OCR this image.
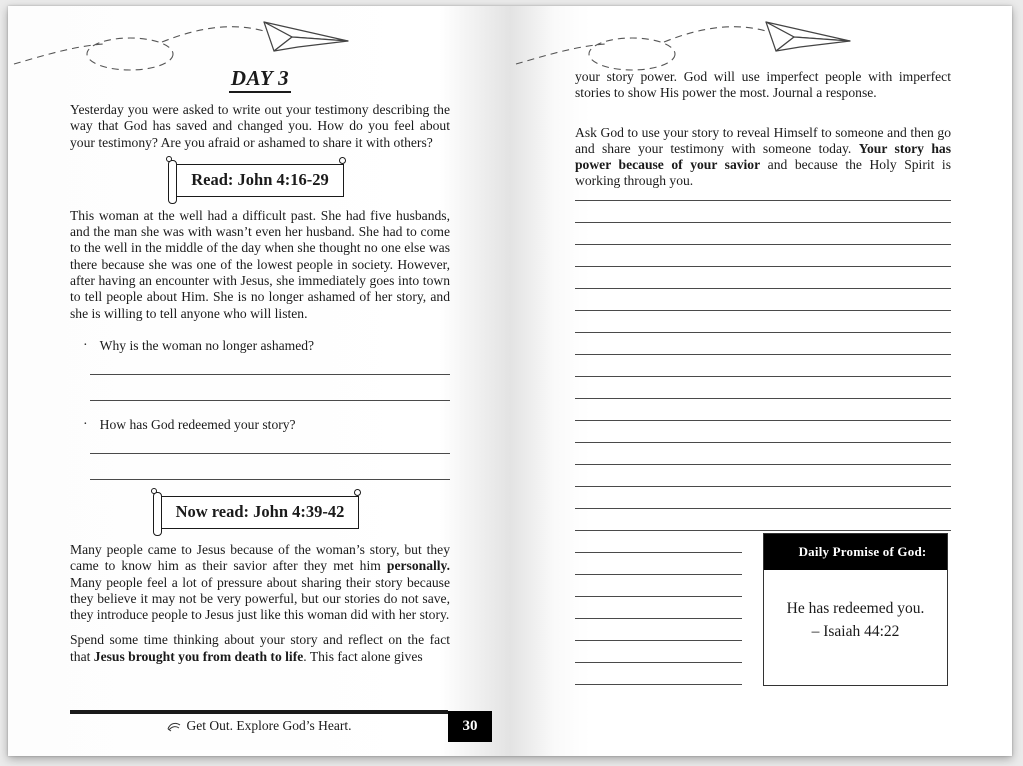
DAY 3

Yesterday you were asked to write out your testimony describing the way that God has saved and changed you. How do you feel about your testimony? Are you afraid or ashamed to share it with others?

Read: John 4:16-29

This woman at the well had a difficult past. She had five husbands, and the man she was with wasn’t even her husband. She had to come to the well in the middle of the day when she thought no one else was there because she was one of the lowest people in society. However, after having an encounter with Jesus, she immediately goes into town to tell people about Him. She is no longer ashamed of her story, and she is willing to tell anyone who will listen.

· Why is the woman no longer ashamed?
· How has God redeemed your story?
Now read: John 4:39-42

Many people came to Jesus because of the woman’s story, but they came to know him as their savior after they met him personally. Many people feel a lot of pressure about sharing their story because they believe it may not be very powerful, but our stories do not save, they introduce people to Jesus just like this woman did with her story.

Spend some time thinking about your story and reflect on the fact that Jesus brought you from death to life. This fact alone gives

Get Out. Explore God’s Heart.	30

your story power. God will use imperfect people with imperfect stories to show His power the most. Journal a response.

Ask God to use your story to reveal Himself to someone and then go and share your testimony with someone today. Your story has power because of your savior and because the Holy Spirit is working through you.

Daily Promise of God:
He has redeemed you.
– Isaiah 44:22
